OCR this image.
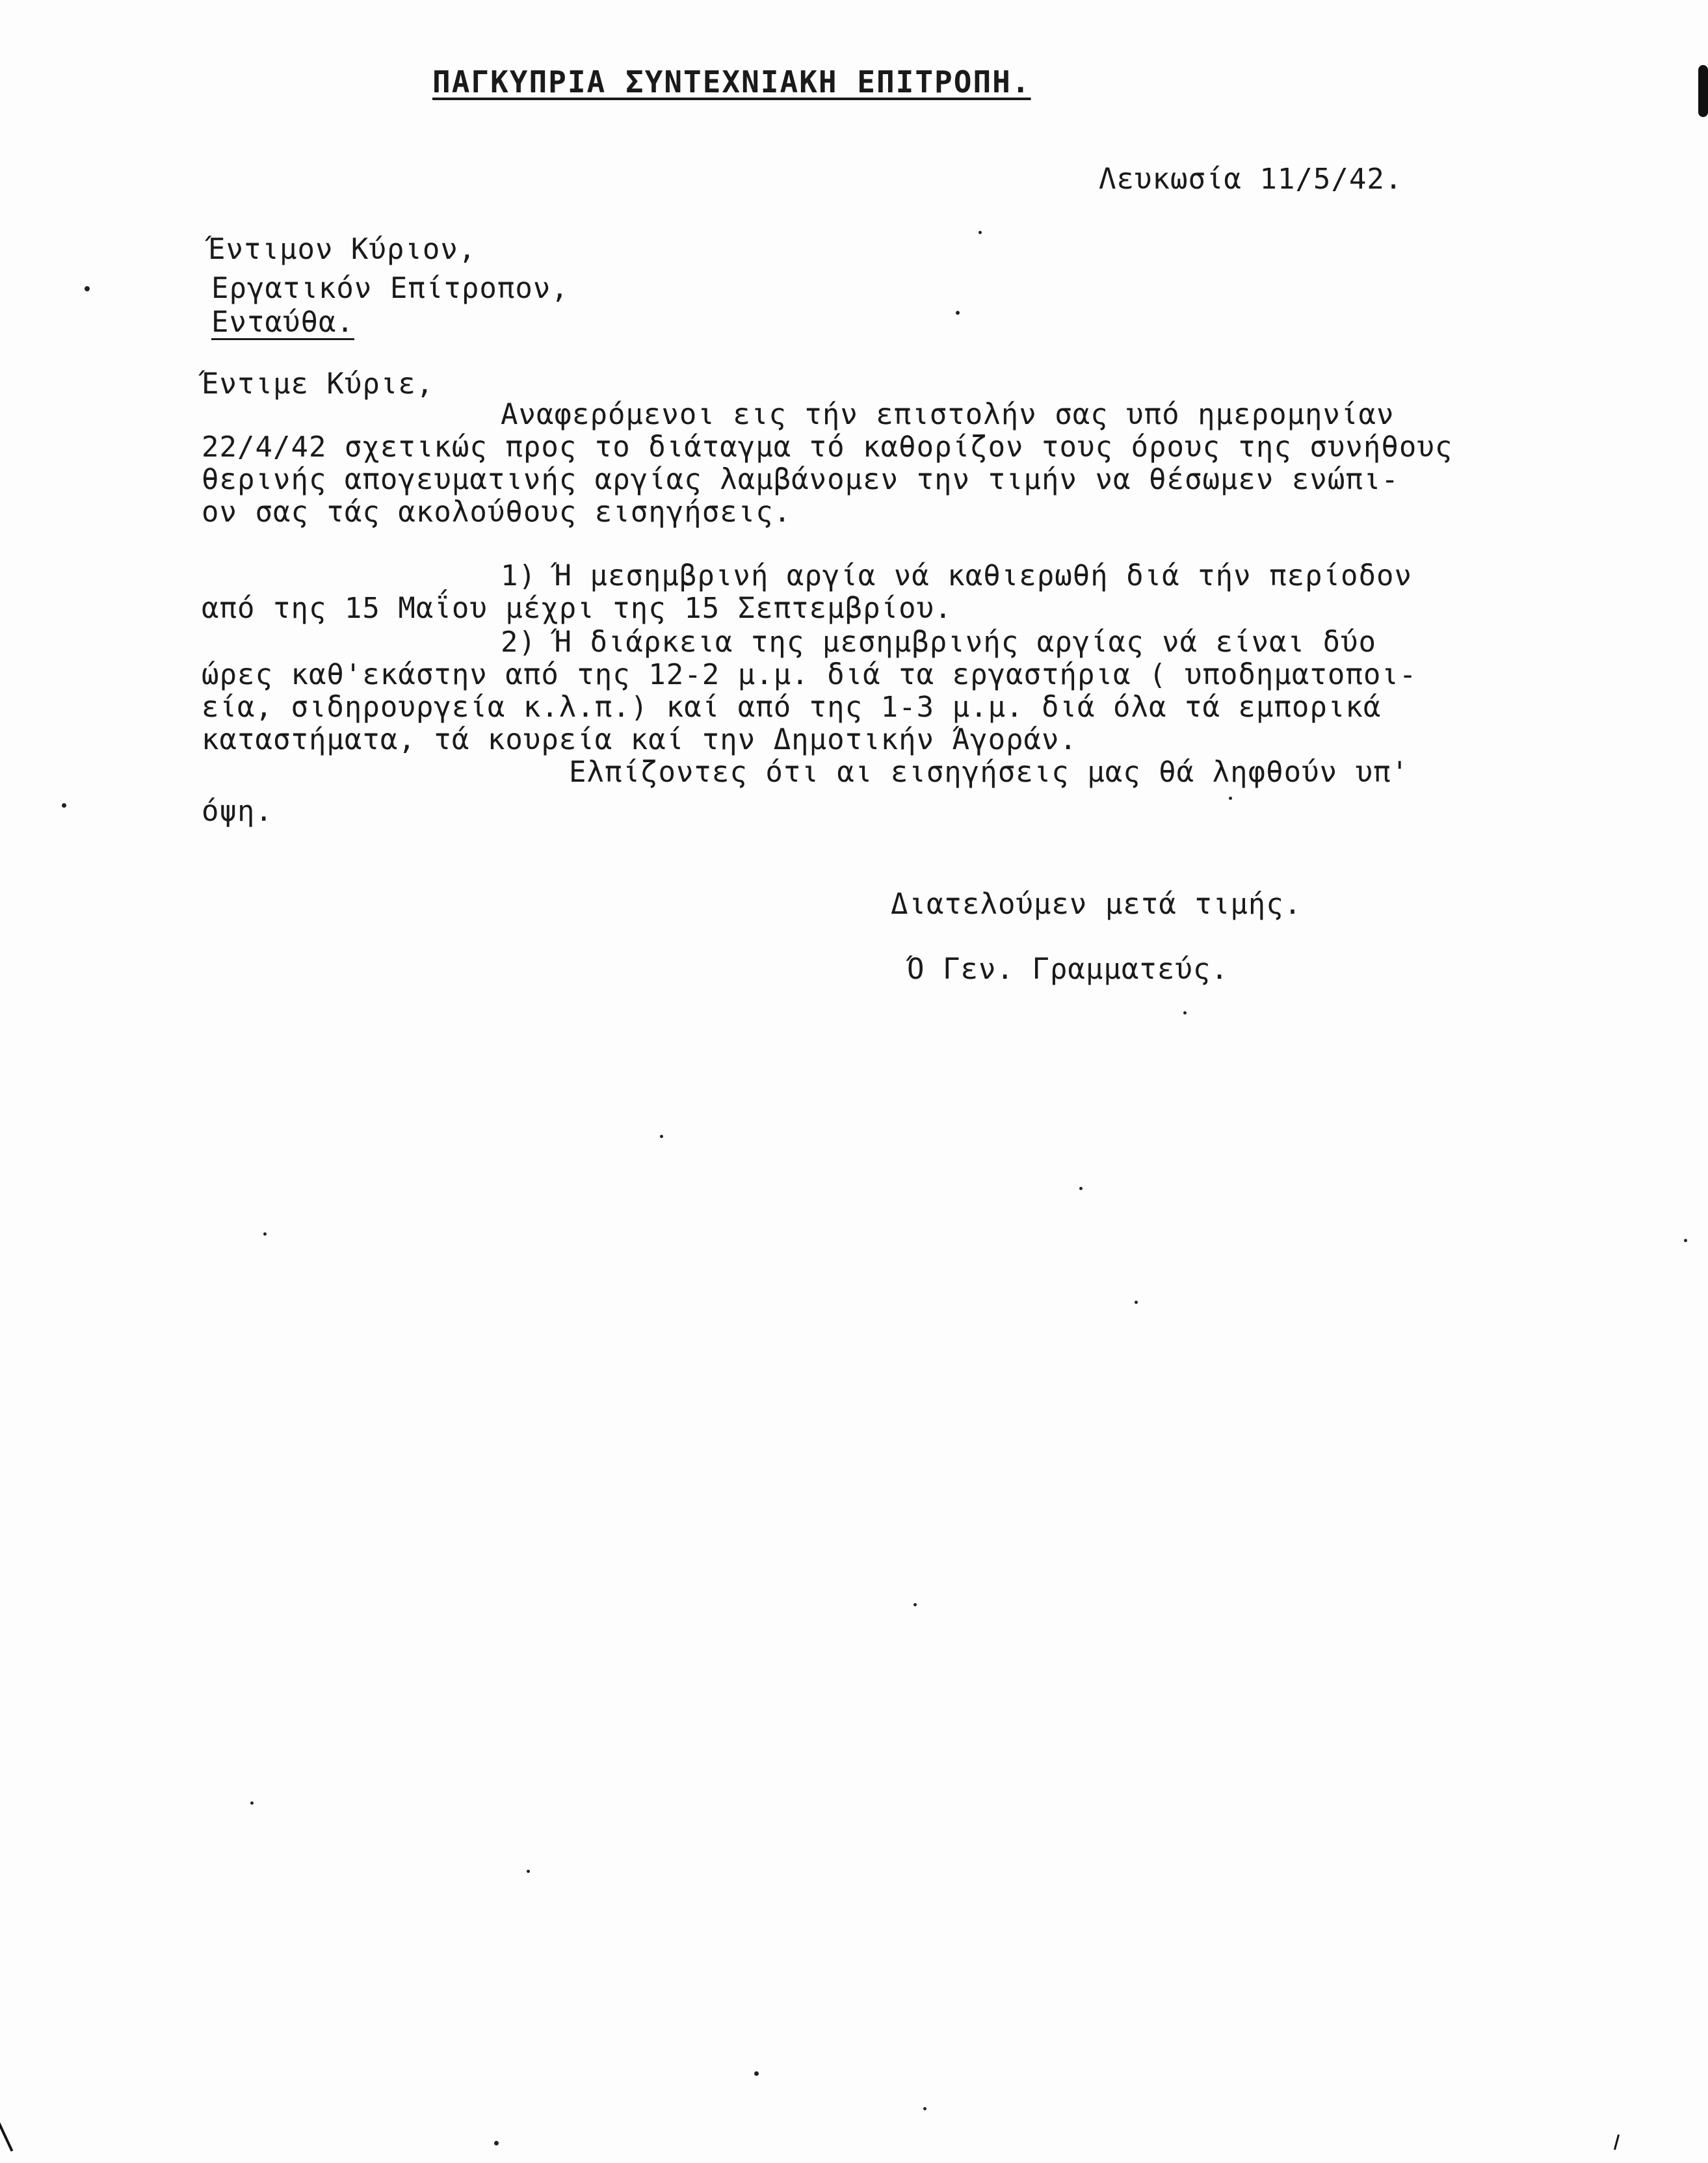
ΠΑΓΚΥΠΡΙΑ ΣΥΝΤΕΧΝΙΑΚΗ ΕΠΙΤΡΟΠΗ.
Λευκωσία 11/5/42.
Έντιμον Κύριον,
Εργατικόν Επίτροπον,
Ενταύθα.
Έντιμε Κύριε,
Αναφερόμενοι εις τήν επιστολήν σας υπό ημερομηνίαν
22/4/42 σχετικώς προς το διάταγμα τό καθορίζον τους όρους της συνήθους
θερινής απογευματινής αργίας λαμβάνομεν την τιμήν να θέσωμεν ενώπι-
ον σας τάς ακολούθους εισηγήσεις.
1) Ή μεσημβρινή αργία νά καθιερωθή διά τήν περίοδον
από της 15 Μαΐου μέχρι της 15 Σεπτεμβρίου.
2) Ή διάρκεια της μεσημβρινής αργίας νά είναι δύο
ώρες καθ'εκάστην από της 12-2 μ.μ. διά τα εργαστήρια ( υποδηματοποι-
εία, σιδηρουργεία κ.λ.π.) καί από της 1-3 μ.μ. διά όλα τά εμπορικά
καταστήματα, τά κουρεία καί την Δημοτικήν Άγοράν.
Ελπίζοντες ότι αι εισηγήσεις μας θά ληφθούν υπ'
όψη.
Διατελούμεν μετά τιμής.
Ό Γεν. Γραμματεύς.
